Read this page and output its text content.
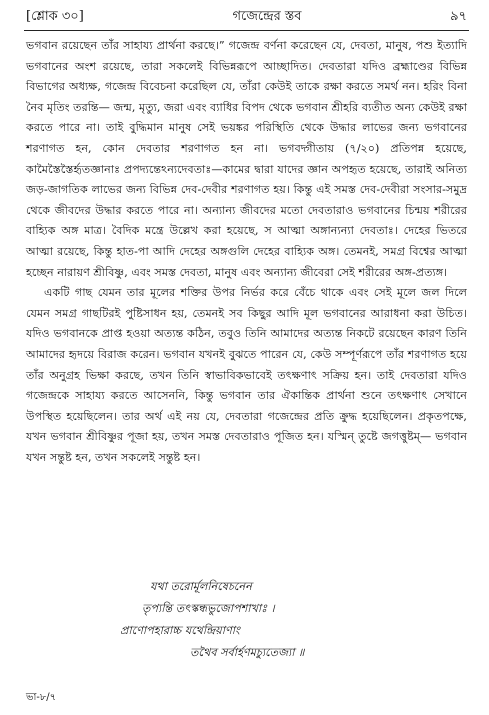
[শ্লোক ৩০]	গজেন্দ্রের স্তব	৯৭

ভগবান রয়েছেন তাঁর সাহায্য প্রার্থনা করছে।” গজেন্দ্র বর্ণনা করেছেন যে, দেবতা, মানুষ, পশু ইত্যাদি ভগবানের অংশ রয়েছে, তারা সকলেই বিভিন্নরূপে আচ্ছাদিত। দেবতারা যদিও ব্রহ্মাণ্ডের বিভিন্ন বিভাগের অধ্যক্ষ, গজেন্দ্র বিবেচনা করেছিল যে, তাঁরা কেউই তাকে রক্ষা করতে সমর্থ নন। হরিং বিনা নৈব মৃতিং তরন্তি— জন্ম, মৃত্যু, জরা এবং ব্যাধির বিপদ থেকে ভগবান শ্রীহরি ব্যতীত অন্য কেউই রক্ষা করতে পারে না। তাই বুদ্ধিমান মানুষ সেই ভয়ঙ্কর পরিস্থিতি থেকে উদ্ধার লাভের জন্য ভগবানের শরণাগত হন, কোন দেবতার শরণাগত হন না। ভগবদ্গীতায় (৭/২০) প্রতিপন্ন হয়েছে, কামৈস্তৈস্তৈর্হৃতজ্ঞানাঃ প্রপদ্যন্তেঽন্যদেবতাঃ—কামের দ্বারা যাদের জ্ঞান অপহৃত হয়েছে, তারাই অনিত্য জড়-জাগতিক লাভের জন্য বিভিন্ন দেব-দেবীর শরণাগত হয়। কিন্তু এই সমস্ত দেব-দেবীরা সংসার-সমুদ্র থেকে জীবদের উদ্ধার করতে পারে না। অন্যান্য জীবদের মতো দেবতারাও ভগবানের চিন্ময় শরীরের বাহ্যিক অঙ্গ মাত্র। বৈদিক মন্ত্রে উল্লেখ করা হয়েছে, স আত্মা অঙ্গান্যন্যা দেবতাঃ। দেহের ভিতরে আত্মা রয়েছে, কিন্তু হাত-পা আদি দেহের অঙ্গগুলি দেহের বাহ্যিক অঙ্গ। তেমনই, সমগ্র বিশ্বের আত্মা হচ্ছেন নারায়ণ শ্রীবিষ্ণু, এবং সমস্ত দেবতা, মানুষ এবং অন্যান্য জীবেরা সেই শরীরের অঙ্গ-প্রত্যঙ্গ।

একটি গাছ যেমন তার মূলের শক্তির উপর নির্ভর করে বেঁচে থাকে এবং সেই মূলে জল দিলে যেমন সমগ্র গাছটিরই পুষ্টিসাধন হয়, তেমনই সব কিছুর আদি মূল ভগবানের আরাধনা করা উচিত। যদিও ভগবানকে প্রাপ্ত হওয়া অত্যন্ত কঠিন, তবুও তিনি আমাদের অত্যন্ত নিকটে রয়েছেন কারণ তিনি আমাদের হৃদয়ে বিরাজ করেন। ভগবান যখনই বুঝতে পারেন যে, কেউ সম্পূর্ণরূপে তাঁর শরণাগত হয়ে তাঁর অনুগ্রহ ভিক্ষা করছে, তখন তিনি স্বাভাবিকভাবেই তৎক্ষণাৎ সক্রিয় হন। তাই দেবতারা যদিও গজেন্দ্রকে সাহায্য করতে আসেননি, কিন্তু ভগবান তার ঐকান্তিক প্রার্থনা শুনে তৎক্ষণাৎ সেখানে উপস্থিত হয়েছিলেন। তার অর্থ এই নয় যে, দেবতারা গজেন্দ্রের প্রতি ক্রুদ্ধ হয়েছিলেন। প্রকৃতপক্ষে, যখন ভগবান শ্রীবিষ্ণুর পূজা হয়, তখন সমস্ত দেবতারাও পূজিত হন। যস্মিন্ তুষ্টে জগত্তুষ্টম্— ভগবান যখন সন্তুষ্ট হন, তখন সকলেই সন্তুষ্ট হন।

যথা তরোর্মূলনিষেচনেন
তৃপ্যন্তি তৎস্কন্ধভুজোপশাখাঃ ।
প্রাণোপহারাচ্চ যথেন্দ্রিয়াণাং
তথৈব সর্বার্হণমচ্যুতেজ্যা ॥
ভা-৮/৭
